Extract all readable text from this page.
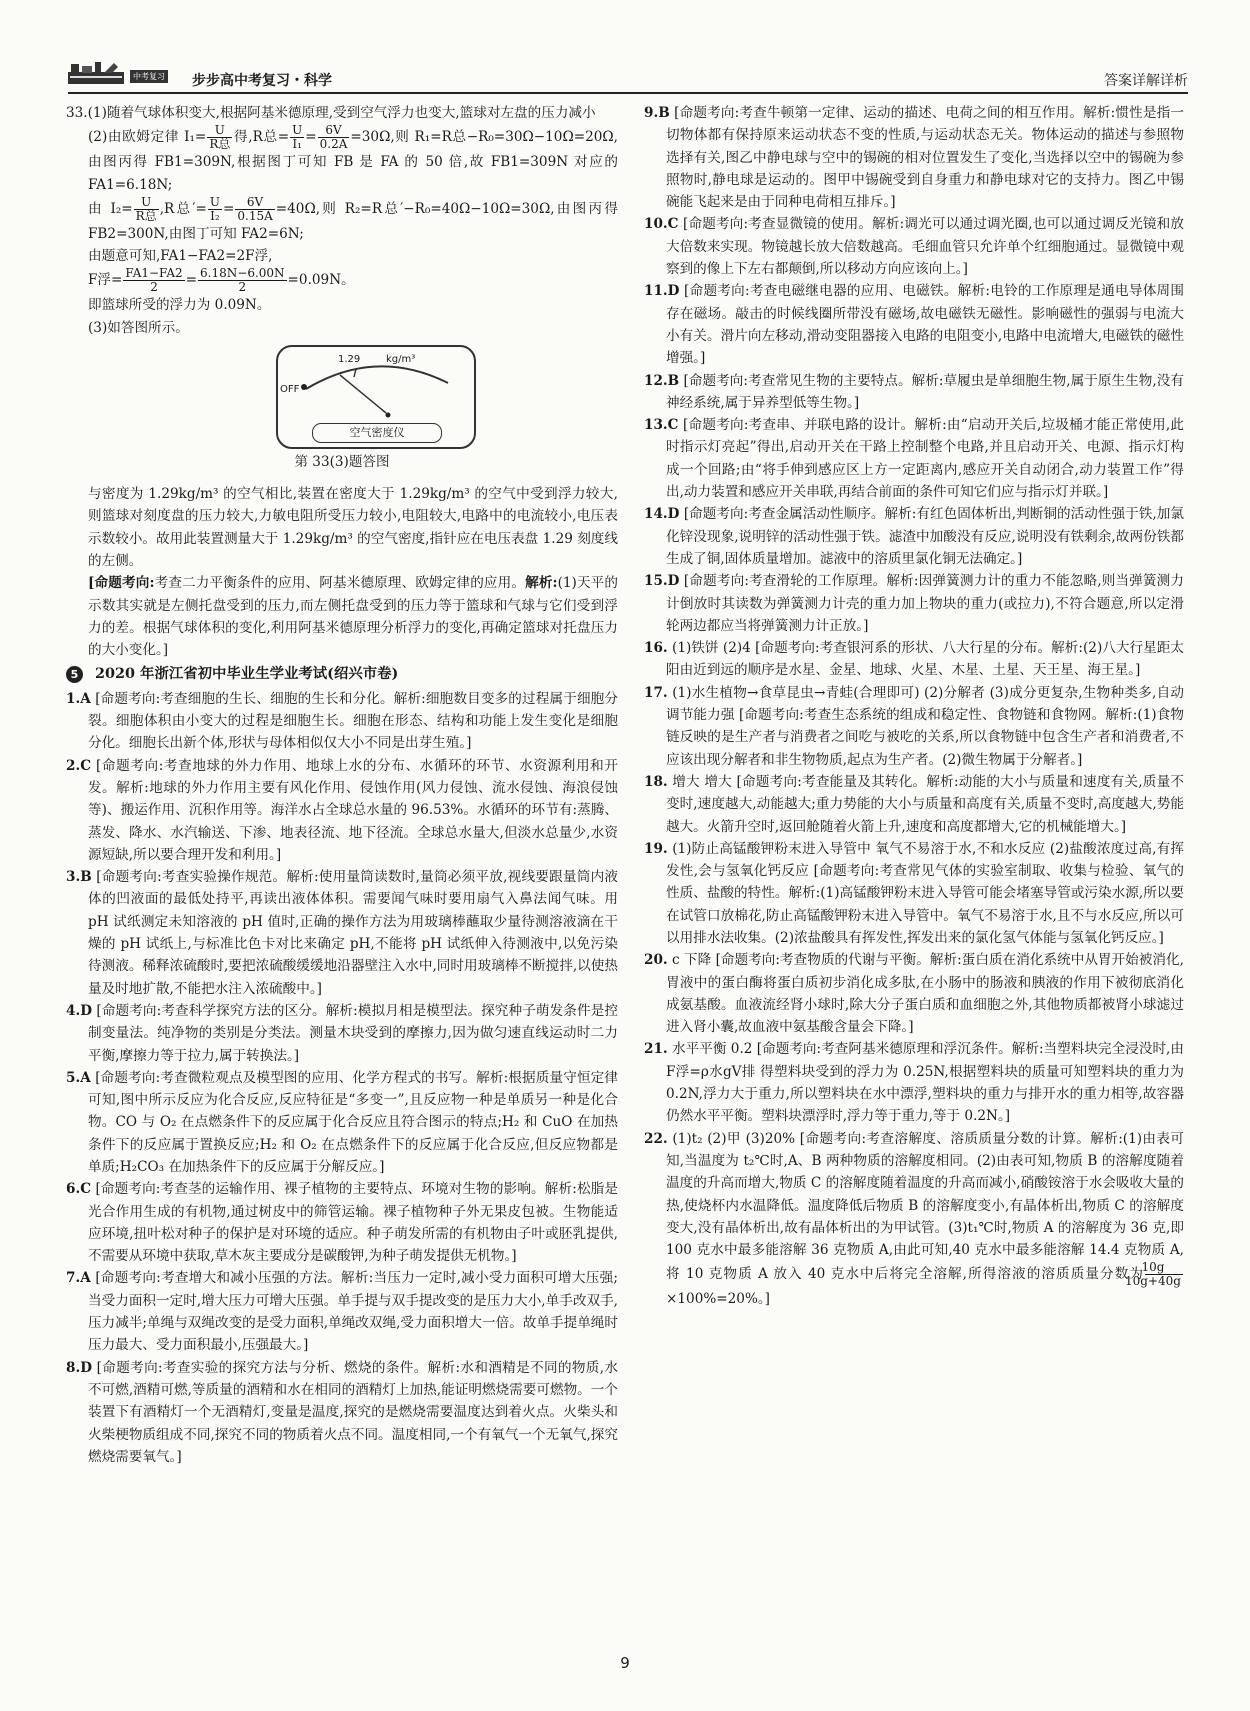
中考复习 步步高中考复习・科学	答案详解详析

33.(1)随着气球体积变大,根据阿基米德原理,受到空气浮力也变大,篮球对左盘的压力减小

(2)由欧姆定律 $I_1= \frac{U}{\text{R总}}$ 得,R总= $\frac{U}{\text{I₁}} = \frac{6V}{0.2A} =30\Omega$,则 R₁=R总−R₀=30Ω−10Ω=20Ω,由图丙得 FB1=309N,根据图丁可知 FB 是 FA 的 50 倍,故 FB1=309N 对应的 FA1=6.18N;

由 $I_2= \frac{U}{\text{R总}} ,R$总′= $\frac{U}{\text{I₂}} = \frac{6V}{0.15A} =40\Omega$,则 R₂=R总′−R₀=40Ω−10Ω=30Ω,由图丙得 FB2=300N,由图丁可知 FA2=6N;

由题意可知,FA1−FA2=2F浮,

F浮= $\frac{FA1-FA2}{2} = \frac{6.18N-6.00N}{2} =0.09N$。

即篮球所受的浮力为 0.09N。

(3)如答图所示。

1.29	kg/m³
OFF
空气密度仪
第 33(3)题答图

与密度为 1.29kg/m³ 的空气相比,装置在密度大于 1.29kg/m³ 的空气中受到浮力较大,则篮球对刻度盘的压力较大,力敏电阻所受压力较小,电阻较大,电路中的电流较小,电压表示数较小。故用此装置测量大于 1.29kg/m³ 的空气密度,指针应在电压表盘 1.29 刻度线的左侧。

[命题考向:考查二力平衡条件的应用、阿基米德原理、欧姆定律的应用。解析:(1)天平的示数其实就是左侧托盘受到的压力,而左侧托盘受到的压力等于篮球和气球与它们受到浮力的差。根据气球体积的变化,利用阿基米德原理分析浮力的变化,再确定篮球对托盘压力的大小变化。]

5 2020 年浙江省初中毕业生学业考试(绍兴市卷)

1.A [命题考向:考查细胞的生长、细胞的生长和分化。解析:细胞数目变多的过程属于细胞分裂。细胞体积由小变大的过程是细胞生长。细胞在形态、结构和功能上发生变化是细胞分化。细胞长出新个体,形状与母体相似仅大小不同是出芽生殖。]

2.C [命题考向:考查地球的外力作用、地球上水的分布、水循环的环节、水资源利用和开发。解析:地球的外力作用主要有风化作用、侵蚀作用(风力侵蚀、流水侵蚀、海浪侵蚀等)、搬运作用、沉积作用等。海洋水占全球总水量的 96.53%。水循环的环节有:蒸腾、蒸发、降水、水汽输送、下渗、地表径流、地下径流。全球总水量大,但淡水总量少,水资源短缺,所以要合理开发和利用。]

3.B [命题考向:考查实验操作规范。解析:使用量筒读数时,量筒必须平放,视线要跟量筒内液体的凹液面的最低处持平,再读出液体体积。需要闻气味时要用扇气入鼻法闻气味。用 pH 试纸测定未知溶液的 pH 值时,正确的操作方法为用玻璃棒蘸取少量待测溶液滴在干燥的 pH 试纸上,与标准比色卡对比来确定 pH,不能将 pH 试纸伸入待测液中,以免污染待测液。稀释浓硫酸时,要把浓硫酸缓缓地沿器壁注入水中,同时用玻璃棒不断搅拌,以使热量及时地扩散,不能把水注入浓硫酸中。]

4.D [命题考向:考查科学探究方法的区分。解析:模拟月相是模型法。探究种子萌发条件是控制变量法。纯净物的类别是分类法。测量木块受到的摩擦力,因为做匀速直线运动时二力平衡,摩擦力等于拉力,属于转换法。]

5.A [命题考向:考查微粒观点及模型图的应用、化学方程式的书写。解析:根据质量守恒定律可知,图中所示反应为化合反应,反应特征是“多变一”,且反应物一种是单质另一种是化合物。CO 与 O₂ 在点燃条件下的反应属于化合反应且符合图示的特点;H₂ 和 CuO 在加热条件下的反应属于置换反应;H₂ 和 O₂ 在点燃条件下的反应属于化合反应,但反应物都是单质;H₂CO₃ 在加热条件下的反应属于分解反应。]

6.C [命题考向:考查茎的运输作用、裸子植物的主要特点、环境对生物的影响。解析:松脂是光合作用生成的有机物,通过树皮中的筛管运输。裸子植物种子外无果皮包被。生物能适应环境,扭叶松对种子的保护是对环境的适应。种子萌发所需的有机物由子叶或胚乳提供,不需要从环境中获取,草木灰主要成分是碳酸钾,为种子萌发提供无机物。]

7.A [命题考向:考查增大和减小压强的方法。解析:当压力一定时,减小受力面积可增大压强;当受力面积一定时,增大压力可增大压强。单手提与双手提改变的是压力大小,单手改双手,压力减半;单绳与双绳改变的是受力面积,单绳改双绳,受力面积增大一倍。故单手提单绳时压力最大、受力面积最小,压强最大。]

8.D [命题考向:考查实验的探究方法与分析、燃烧的条件。解析:水和酒精是不同的物质,水不可燃,酒精可燃,等质量的酒精和水在相同的酒精灯上加热,能证明燃烧需要可燃物。一个装置下有酒精灯一个无酒精灯,变量是温度,探究的是燃烧需要温度达到着火点。火柴头和火柴梗物质组成不同,探究不同的物质着火点不同。温度相同,一个有氧气一个无氧气,探究燃烧需要氧气。]

9.B [命题考向:考查牛顿第一定律、运动的描述、电荷之间的相互作用。解析:惯性是指一切物体都有保持原来运动状态不变的性质,与运动状态无关。物体运动的描述与参照物选择有关,图乙中静电球与空中的锡碗的相对位置发生了变化,当选择以空中的锡碗为参照物时,静电球是运动的。图甲中锡碗受到自身重力和静电球对它的支持力。图乙中锡碗能飞起来是由于同种电荷相互排斥。]

10.C [命题考向:考查显微镜的使用。解析:调光可以通过调光圈,也可以通过调反光镜和放大倍数来实现。物镜越长放大倍数越高。毛细血管只允许单个红细胞通过。显微镜中观察到的像上下左右都颠倒,所以移动方向应该向上。]

11.D [命题考向:考查电磁继电器的应用、电磁铁。解析:电铃的工作原理是通电导体周围存在磁场。敲击的时候线圈所带没有磁场,故电磁铁无磁性。影响磁性的强弱与电流大小有关。滑片向左移动,滑动变阻器接入电路的电阻变小,电路中电流增大,电磁铁的磁性增强。]

12.B [命题考向:考查常见生物的主要特点。解析:草履虫是单细胞生物,属于原生生物,没有神经系统,属于异养型低等生物。]

13.C [命题考向:考查串、并联电路的设计。解析:由“启动开关后,垃圾桶才能正常使用,此时指示灯亮起”得出,启动开关在干路上控制整个电路,并且启动开关、电源、指示灯构成一个回路;由“将手伸到感应区上方一定距离内,感应开关自动闭合,动力装置工作”得出,动力装置和感应开关串联,再结合前面的条件可知它们应与指示灯并联。]

14.D [命题考向:考查金属活动性顺序。解析:有红色固体析出,判断铜的活动性强于铁,加氯化锌没现象,说明锌的活动性强于铁。滤渣中加酸没有反应,说明没有铁剩余,故两份铁都生成了铜,固体质量增加。滤液中的溶质里氯化铜无法确定。]

15.D [命题考向:考查滑轮的工作原理。解析:因弹簧测力计的重力不能忽略,则当弹簧测力计倒放时其读数为弹簧测力计壳的重力加上物块的重力(或拉力),不符合题意,所以定滑轮两边都应当将弹簧测力计正放。]

16. (1)铁饼 (2)4 [命题考向:考查银河系的形状、八大行星的分布。解析:(2)八大行星距太阳由近到远的顺序是水星、金星、地球、火星、木星、土星、天王星、海王星。]

17. (1)水生植物→食草昆虫→青蛙(合理即可) (2)分解者 (3)成分更复杂,生物种类多,自动调节能力强 [命题考向:考查生态系统的组成和稳定性、食物链和食物网。解析:(1)食物链反映的是生产者与消费者之间吃与被吃的关系,所以食物链中包含生产者和消费者,不应该出现分解者和非生物物质,起点为生产者。(2)微生物属于分解者。]

18. 增大 增大 [命题考向:考查能量及其转化。解析:动能的大小与质量和速度有关,质量不变时,速度越大,动能越大;重力势能的大小与质量和高度有关,质量不变时,高度越大,势能越大。火箭升空时,返回舱随着火箭上升,速度和高度都增大,它的机械能增大。]

19. (1)防止高锰酸钾粉末进入导管中 氧气不易溶于水,不和水反应 (2)盐酸浓度过高,有挥发性,会与氢氧化钙反应 [命题考向:考查常见气体的实验室制取、收集与检验、氧气的性质、盐酸的特性。解析:(1)高锰酸钾粉末进入导管可能会堵塞导管或污染水源,所以要在试管口放棉花,防止高锰酸钾粉末进入导管中。氧气不易溶于水,且不与水反应,所以可以用排水法收集。(2)浓盐酸具有挥发性,挥发出来的氯化氢气体能与氢氧化钙反应。]

20. c 下降 [命题考向:考查物质的代谢与平衡。解析:蛋白质在消化系统中从胃开始被消化,胃液中的蛋白酶将蛋白质初步消化成多肽,在小肠中的肠液和胰液的作用下被彻底消化成氨基酸。血液流经肾小球时,除大分子蛋白质和血细胞之外,其他物质都被肾小球滤过进入肾小囊,故血液中氨基酸含量会下降。]

21. 水平平衡 0.2 [命题考向:考查阿基米德原理和浮沉条件。解析:当塑料块完全浸没时,由 F浮=ρ水gV排 得塑料块受到的浮力为 0.25N,根据塑料块的质量可知塑料块的重力为 0.2N,浮力大于重力,所以塑料块在水中漂浮,塑料块的重力与排开水的重力相等,故容器仍然水平平衡。塑料块漂浮时,浮力等于重力,等于 0.2N。]

22. (1)t₂ (2)甲 (3)20% [命题考向:考查溶解度、溶质质量分数的计算。解析:(1)由表可知,当温度为 t₂℃时,A、B 两种物质的溶解度相同。(2)由表可知,物质 B 的溶解度随着温度的升高而增大,物质 C 的溶解度随着温度的升高而减小,硝酸铵溶于水会吸收大量的热,使烧杯内水温降低。温度降低后物质 B 的溶解度变小,有晶体析出,物质 C 的溶解度变大,没有晶体析出,故有晶体析出的为甲试管。(3)t₁℃时,物质 A 的溶解度为 36 克,即 100 克水中最多能溶解 36 克物质 A,由此可知,40 克水中最多能溶解 14.4 克物质 A,将 10 克物质 A 放入 40 克水中后将完全溶解,所得溶液的溶质质量分数为 $\frac{10g}{10g+40g}$
×100%=20%。]

9
